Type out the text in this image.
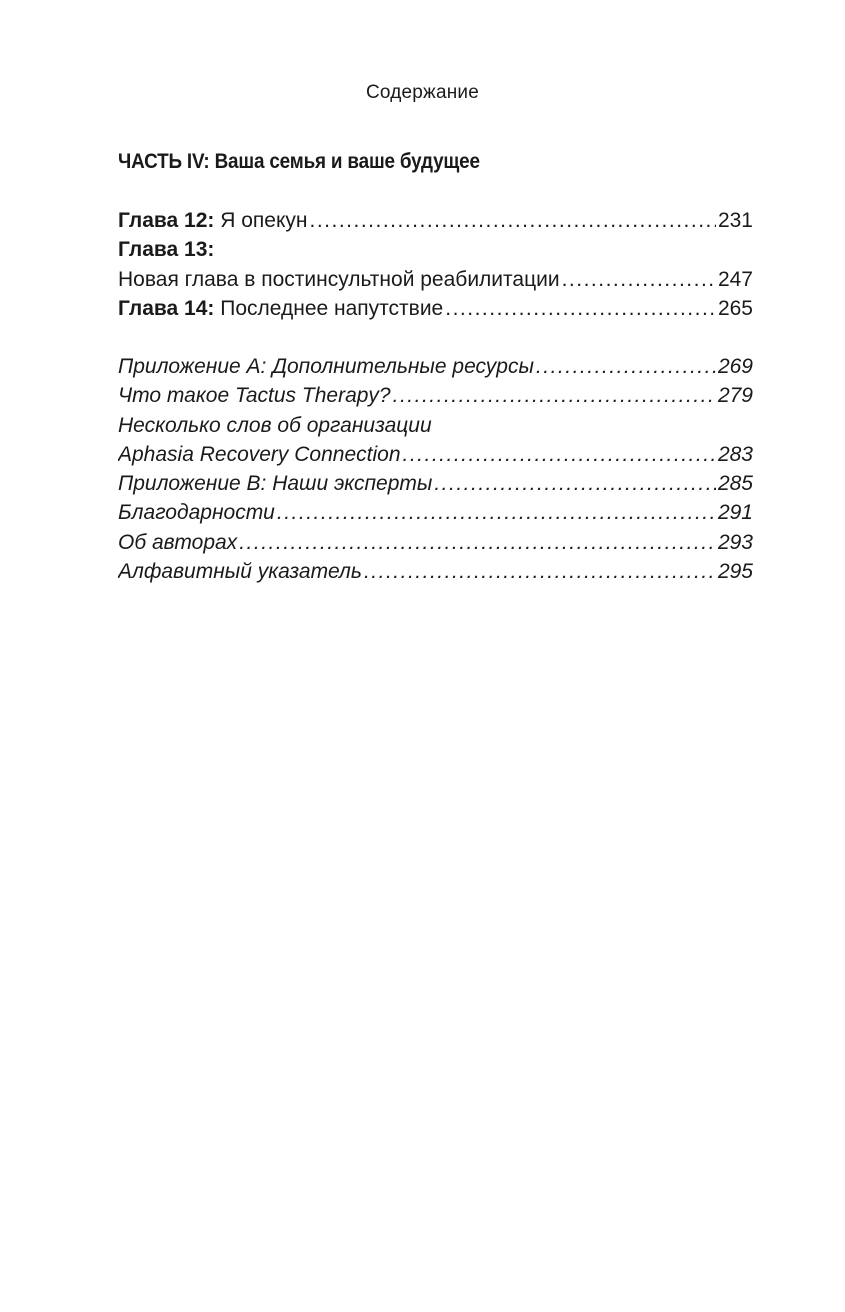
Содержание
ЧАСТЬ IV: Ваша семья и ваше будущее
Глава 12: Я опекун .....	231
Глава 13:
Новая глава в постинсультной реабилитации .....	247
Глава 14: Последнее напутствие .....	265
Приложение А: Дополнительные ресурсы .....	269
Что такое Tactus Therapy? .....	279
Несколько слов об организации
Aphasia Recovery Connection .....	283
Приложение В: Наши эксперты .....	285
Благодарности .....	291
Об авторах .....	293
Алфавитный указатель .....	295
